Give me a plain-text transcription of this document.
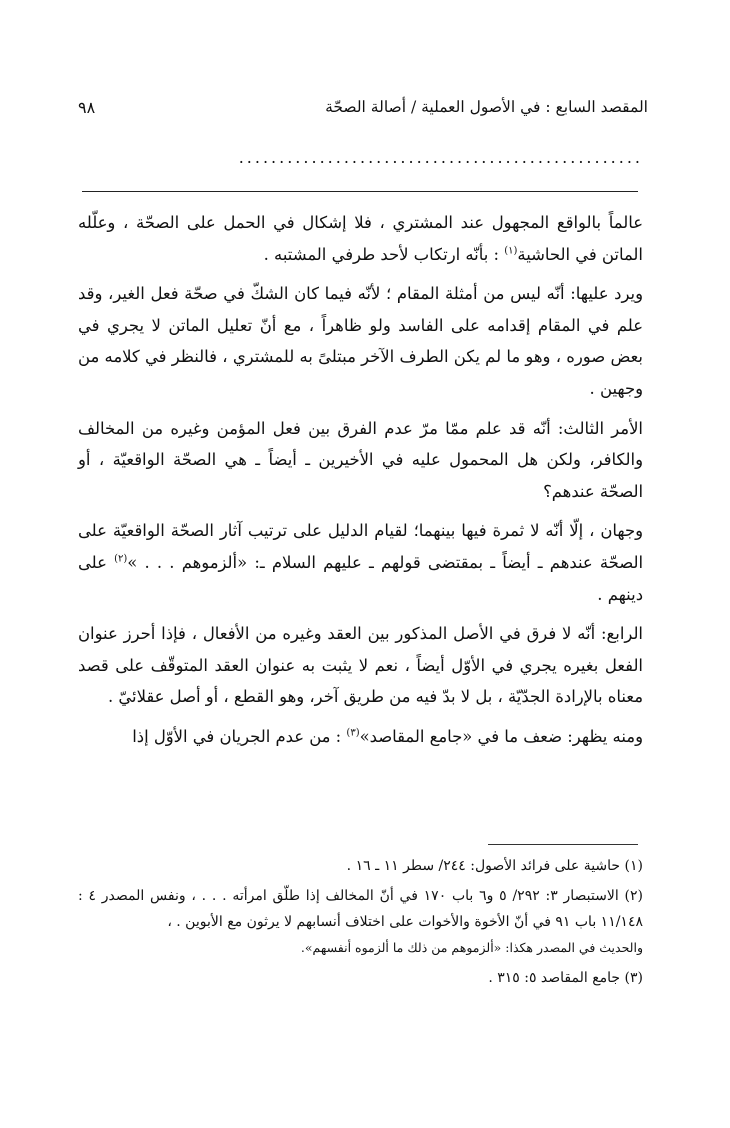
المقصد السابع : في الأصول العملية / أصالة الصحّة
٩٨
..................................................

عالماً بالواقع المجهول عند المشتري ، فلا إشكال في الحمل على الصحّة ، وعلّله الماتن في الحاشية$^{(١)}$ : بأنّه ارتكاب لأحد طرفي المشتبه .

ويرد عليها: أنّه ليس من أمثلة المقام ؛ لأنّه فيما كان الشكّ في صحّة فعل الغير، وقد علم في المقام إقدامه على الفاسد ولو ظاهراً ، مع أنّ تعليل الماتن لا يجري في بعض صوره ، وهو ما لم يكن الطرف الآخر مبتلىً به للمشتري ، فالنظر في كلامه من وجهين .

الأمر الثالث: أنّه قد علم ممّا مرّ عدم الفرق بين فعل المؤمن وغيره من المخالف والكافر، ولكن هل المحمول عليه في الأخيرين ـ أيضاً ـ هي الصحّة الواقعيّة ، أو الصحّة عندهم؟

وجهان ، إلّا أنّه لا ثمرة فيها بينهما؛ لقيام الدليل على ترتيب آثار الصحّة الواقعيّة على الصحّة عندهم ـ أيضاً ـ بمقتضى قولهم ـ عليهم السلام ـ: «ألزموهم . . . »$^{(٢)}$ على دينهم .

الرابع: أنّه لا فرق في الأصل المذكور بين العقد وغيره من الأفعال ، فإذا أحرز عنوان الفعل بغيره يجري في الأوّل أيضاً ، نعم لا يثبت به عنوان العقد المتوقّف على قصد معناه بالإرادة الجدّيّة ، بل لا بدّ فيه من طريق آخر، وهو القطع ، أو أصل عقلائيّ .

ومنه يظهر: ضعف ما في «جامع المقاصد»$^{(٣)}$ : من عدم الجريان في الأوّل إذا

(١) حاشية على فرائد الأصول: ٢٤٤/ سطر ١١ ـ ١٦ .

(٢) الاستبصار ٣: ٢٩٢/ ٥ و٦ باب ١٧٠ في أنّ المخالف إذا طلّق امرأته . . . ، ونفس المصدر ٤ : ١١/١٤٨ باب ٩١ في أنّ الأخوة والأخوات على اختلاف أنسابهم لا يرثون مع الأبوين . ،
والحديث في المصدر هكذا: «ألزموهم من ذلك ما ألزموه أنفسهم».

(٣) جامع المقاصد ٥: ٣١٥ .
